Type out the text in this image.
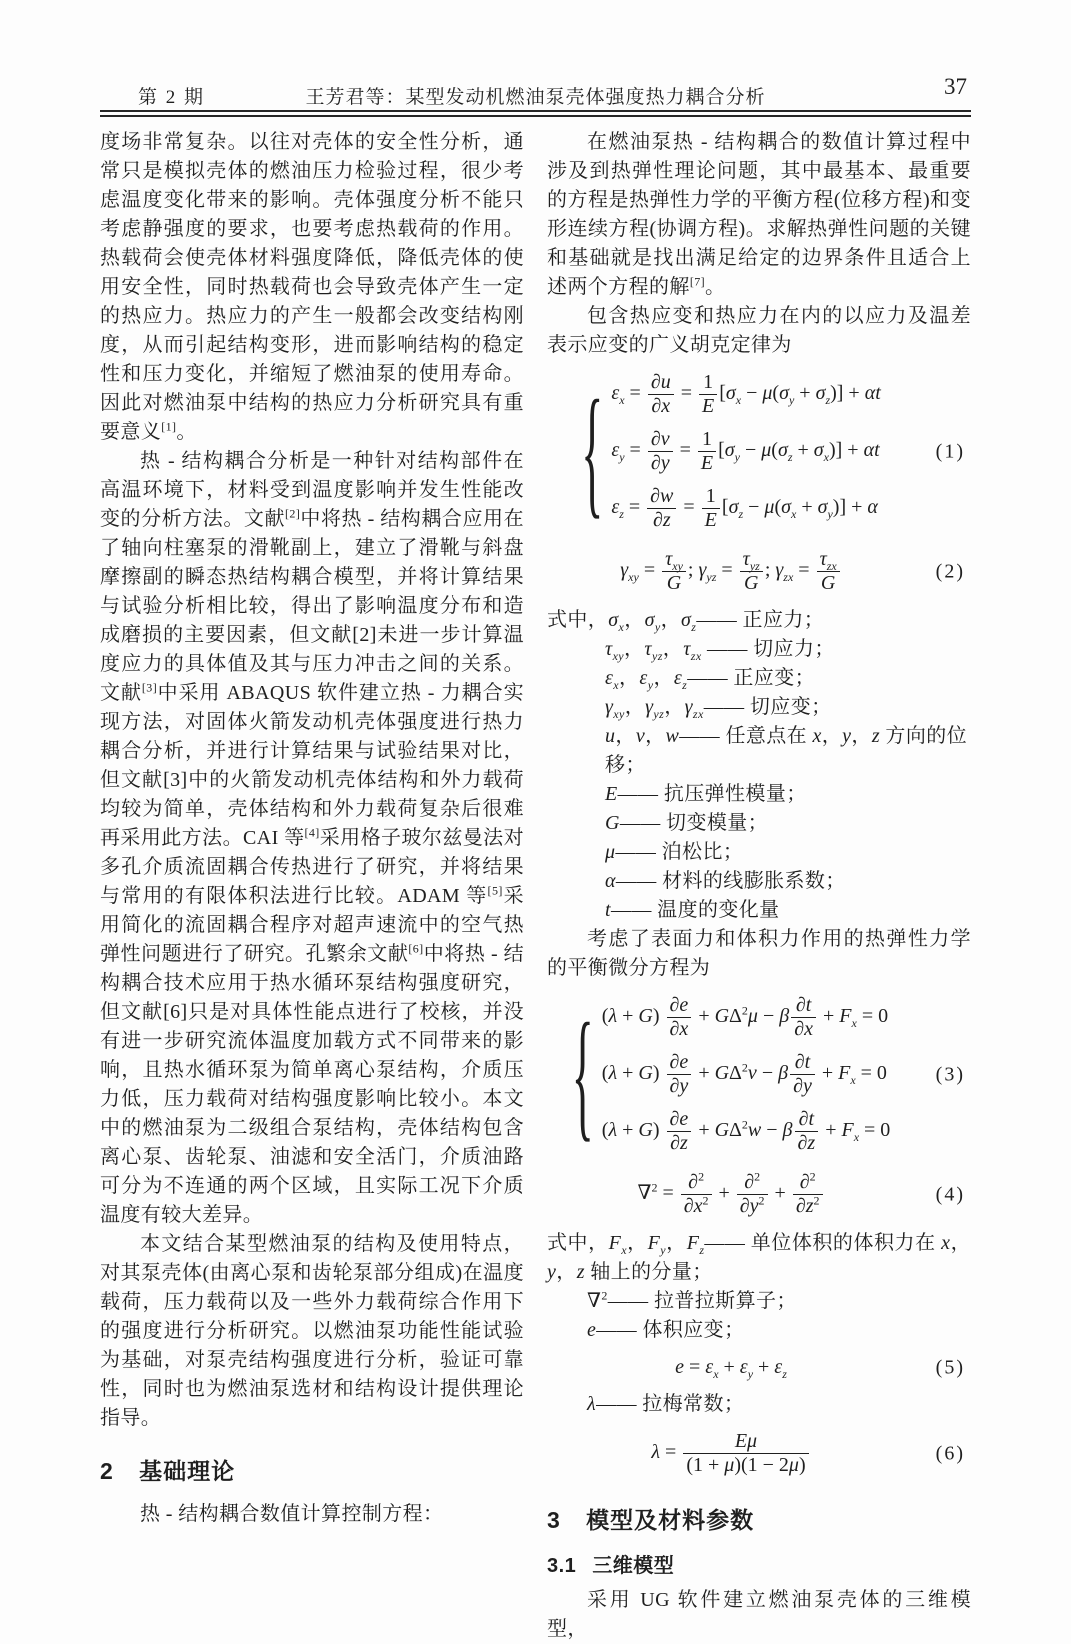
第 2 期	王芳君等：某型发动机燃油泵壳体强度热力耦合分析	37

度场非常复杂。以往对壳体的安全性分析，通常只是模拟壳体的燃油压力检验过程，很少考虑温度变化带来的影响。壳体强度分析不能只考虑静强度的要求，也要考虑热载荷的作用。热载荷会使壳体材料强度降低，降低壳体的使用安全性，同时热载荷也会导致壳体产生一定的热应力。热应力的产生一般都会改变结构刚度，从而引起结构变形，进而影响结构的稳定性和压力变化，并缩短了燃油泵的使用寿命。因此对燃油泵中结构的热应力分析研究具有重要意义[1]。

热 - 结构耦合分析是一种针对结构部件在高温环境下，材料受到温度影响并发生性能改变的分析方法。文献[2]中将热 - 结构耦合应用在了轴向柱塞泵的滑靴副上，建立了滑靴与斜盘摩擦副的瞬态热结构耦合模型，并将计算结果与试验分析相比较，得出了影响温度分布和造成磨损的主要因素，但文献[2]未进一步计算温度应力的具体值及其与压力冲击之间的关系。文献[3]中采用 ABAQUS 软件建立热 - 力耦合实现方法，对固体火箭发动机壳体强度进行热力耦合分析，并进行计算结果与试验结果对比，但文献[3]中的火箭发动机壳体结构和外力载荷均较为简单，壳体结构和外力载荷复杂后很难再采用此方法。CAI 等[4]采用格子玻尔兹曼法对多孔介质流固耦合传热进行了研究，并将结果与常用的有限体积法进行比较。ADAM 等[5]采用简化的流固耦合程序对超声速流中的空气热弹性问题进行了研究。孔繁余文献[6]中将热 - 结构耦合技术应用于热水循环泵结构强度研究，但文献[6]只是对具体性能点进行了校核，并没有进一步研究流体温度加载方式不同带来的影响，且热水循环泵为简单离心泵结构，介质压力低，压力载荷对结构强度影响比较小。本文中的燃油泵为二级组合泵结构，壳体结构包含离心泵、齿轮泵、油滤和安全活门，介质油路可分为不连通的两个区域，且实际工况下介质温度有较大差异。

本文结合某型燃油泵的结构及使用特点，对其泵壳体(由离心泵和齿轮泵部分组成)在温度载荷，压力载荷以及一些外力载荷综合作用下的强度进行分析研究。以燃油泵功能性能试验为基础，对泵壳结构强度进行分析，验证可靠性，同时也为燃油泵选材和结构设计提供理论指导。

2 基础理论

热 - 结构耦合数值计算控制方程：

在燃油泵热 - 结构耦合的数值计算过程中涉及到热弹性理论问题，其中最基本、最重要的方程是热弹性力学的平衡方程(位移方程)和变形连续方程(协调方程)。求解热弹性问题的关键和基础就是找出满足给定的边界条件且适合上述两个方程的解[7]。

包含热应变和热应力在内的以应力及温差表示应变的广义胡克定律为

{ $\varepsilon_x = \frac{\partial u}{\partial x} = \frac{1}{E} [\sigma_x - \mu(\sigma_y + \sigma_z)] + \alpha t$
$\varepsilon_y = \frac{\partial v}{\partial y} = \frac{1}{E} [\sigma_y - \mu(\sigma_z + \sigma_x)] + \alpha t$
$\varepsilon_z = \frac{\partial w}{\partial z} = \frac{1}{E} [\sigma_z - \mu(\sigma_x + \sigma_y)] + \alpha$
(1)
$\gamma_{xy} = \frac{\tau_{xy}}{G}$ ; $\gamma_{yz} = \frac{\tau_{yz}}{G}$ ; $\gamma_{zx} = \frac{\tau_{zx}}{G}$	(2)
式中，$\sigma_x$，$\sigma_y$，$\sigma_z——$ 正应力；
$\tau_{xy}$，$\tau_{yz}$，$\tau_{zx}$ —— 切应力；
$\varepsilon_x$，$\varepsilon_y$，$\varepsilon_z——$ 正应变；
$\gamma_{xy}$，$\gamma_{yz}$，$\gamma_{zx}——$ 切应变；
u，v，w—— 任意点在 x，y，z 方向的位移；
E—— 抗压弹性模量；
G—— 切变模量；
μ—— 泊松比；
α—— 材料的线膨胀系数；
t—— 温度的变化量

考虑了表面力和体积力作用的热弹性力学的平衡微分方程为

{ $(\lambda + G) \frac{\partial e}{\partial x} + G\Delta^2\mu - \beta \frac{\partial t}{\partial x} + F_x = 0$
$(\lambda + G) \frac{\partial e}{\partial y} + G\Delta^2v - \beta \frac{\partial t}{\partial y} + F_x = 0$
$(\lambda + G) \frac{\partial e}{\partial z} + G\Delta^2w - \beta \frac{\partial t}{\partial z} + F_x = 0$
(3)
$\nabla^2 = \frac{\partial^2}{\partial x^2} + \frac{\partial^2}{\partial y^2} + \frac{\partial^2}{\partial z^2}$	(4)

式中，$F_x$，$F_y$，$F_z——$ 单位体积的体积力在 x，y，z 轴上的分量；

∇$^2$—— 拉普拉斯算子；
e—— 体积应变；
$e = \varepsilon_x + \varepsilon_y + \varepsilon_z$	(5)
λ—— 拉梅常数；
$\lambda = \frac{E\mu}{(1 + \mu)(1 - 2\mu)}$	(6)
3 模型及材料参数
3.1 三维模型

采用 UG 软件建立燃油泵壳体的三维模型，
